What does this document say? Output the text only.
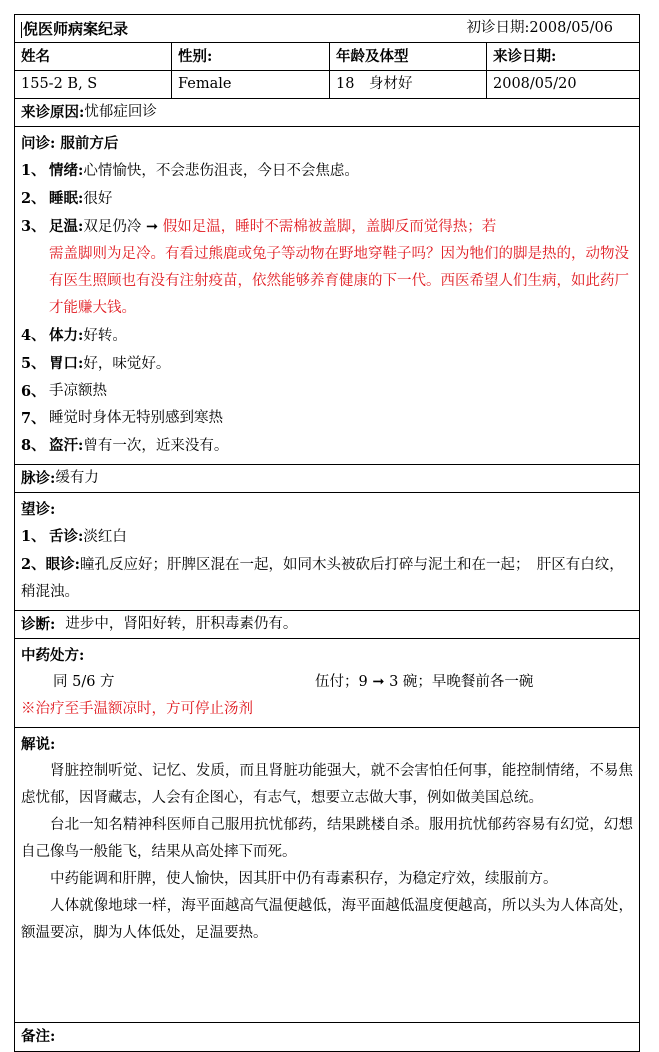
倪医师病案纪录	初诊日期:2008/05/06
姓名	性别:	年龄及体型	来诊日期:
155-2 B, S	Female	18　身材好	2008/05/20
来诊原因: 忧郁症回诊
问诊: 服前方后
1、 情绪:心情愉快，不会悲伤沮丧，今日不会焦虑。
2、 睡眠:很好
3、 足温:双足仍冷 ➞ 假如足温，睡时不需棉被盖脚，盖脚反而觉得热；若
需盖脚则为足冷。有看过熊鹿或兔子等动物在野地穿鞋子吗？因为牠们的脚是热的，动物没有医生照顾也有没有注射疫苗，依然能够养育健康的下一代。西医希望人们生病，如此药厂才能赚大钱。
4、 体力:好转。
5、 胃口:好，味觉好。
6、 手凉额热
7、 睡觉时身体无特别感到寒热
8、 盗汗:曾有一次，近来没有。
脉诊: 缓有力
望诊:
1、 舌诊:淡红白
2、眼诊:瞳孔反应好；肝脾区混在一起，如同木头被砍后打碎与泥土和在一起；　肝区有白纹，稍混浊。
诊断: 进步中，肾阳好转，肝积毒素仍有。
中药处方:
同 5/6 方	伍付；9 ➞ 3 碗；早晚餐前各一碗
※治疗至手温额凉时，方可停止汤剂
解说:
肾脏控制听觉、记忆、发质，而且肾脏功能强大，就不会害怕任何事，能控制情绪，不易焦虑忧郁，因肾藏志，人会有企图心，有志气，想要立志做大事，例如做美国总统。
台北一知名精神科医师自己服用抗忧郁药，结果跳楼自杀。服用抗忧郁药容易有幻觉，幻想自己像鸟一般能飞，结果从高处摔下而死。
中药能调和肝脾，使人愉快，因其肝中仍有毒素积存，为稳定疗效，续服前方。
人体就像地球一样，海平面越高气温便越低，海平面越低温度便越高，所以头为人体高处，额温要凉，脚为人体低处，足温要热。
备注:
